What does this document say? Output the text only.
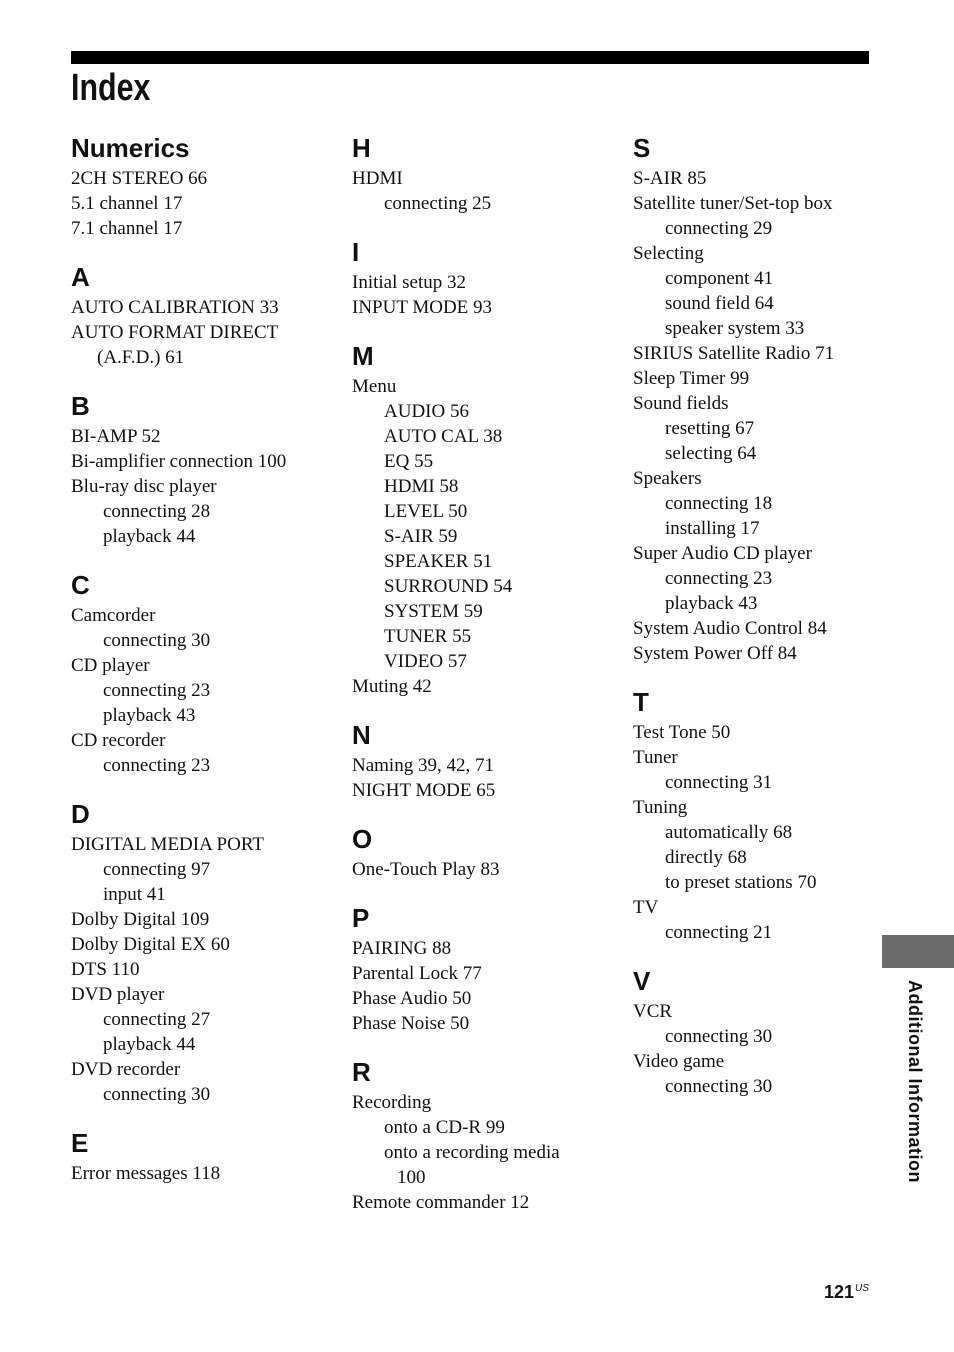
Index
Numerics
2CH STEREO 66
5.1 channel 17
7.1 channel 17
A
AUTO CALIBRATION 33
AUTO FORMAT DIRECT
(A.F.D.) 61
B
BI-AMP 52
Bi-amplifier connection 100
Blu-ray disc player
connecting 28
playback 44
C
Camcorder
connecting 30
CD player
connecting 23
playback 43
CD recorder
connecting 23
D
DIGITAL MEDIA PORT
connecting 97
input 41
Dolby Digital 109
Dolby Digital EX 60
DTS 110
DVD player
connecting 27
playback 44
DVD recorder
connecting 30
E
Error messages 118
H
HDMI
connecting 25
I
Initial setup 32
INPUT MODE 93
M
Menu
AUDIO 56
AUTO CAL 38
EQ 55
HDMI 58
LEVEL 50
S-AIR 59
SPEAKER 51
SURROUND 54
SYSTEM 59
TUNER 55
VIDEO 57
Muting 42
N
Naming 39, 42, 71
NIGHT MODE 65
O
One-Touch Play 83
P
PAIRING 88
Parental Lock 77
Phase Audio 50
Phase Noise 50
R
Recording
onto a CD-R 99
onto a recording media
100
Remote commander 12
S
S-AIR 85
Satellite tuner/Set-top box
connecting 29
Selecting
component 41
sound field 64
speaker system 33
SIRIUS Satellite Radio 71
Sleep Timer 99
Sound fields
resetting 67
selecting 64
Speakers
connecting 18
installing 17
Super Audio CD player
connecting 23
playback 43
System Audio Control 84
System Power Off 84
T
Test Tone 50
Tuner
connecting 31
Tuning
automatically 68
directly 68
to preset stations 70
TV
connecting 21
V
VCR
connecting 30
Video game
connecting 30	Additional Information
$121^{US}$
